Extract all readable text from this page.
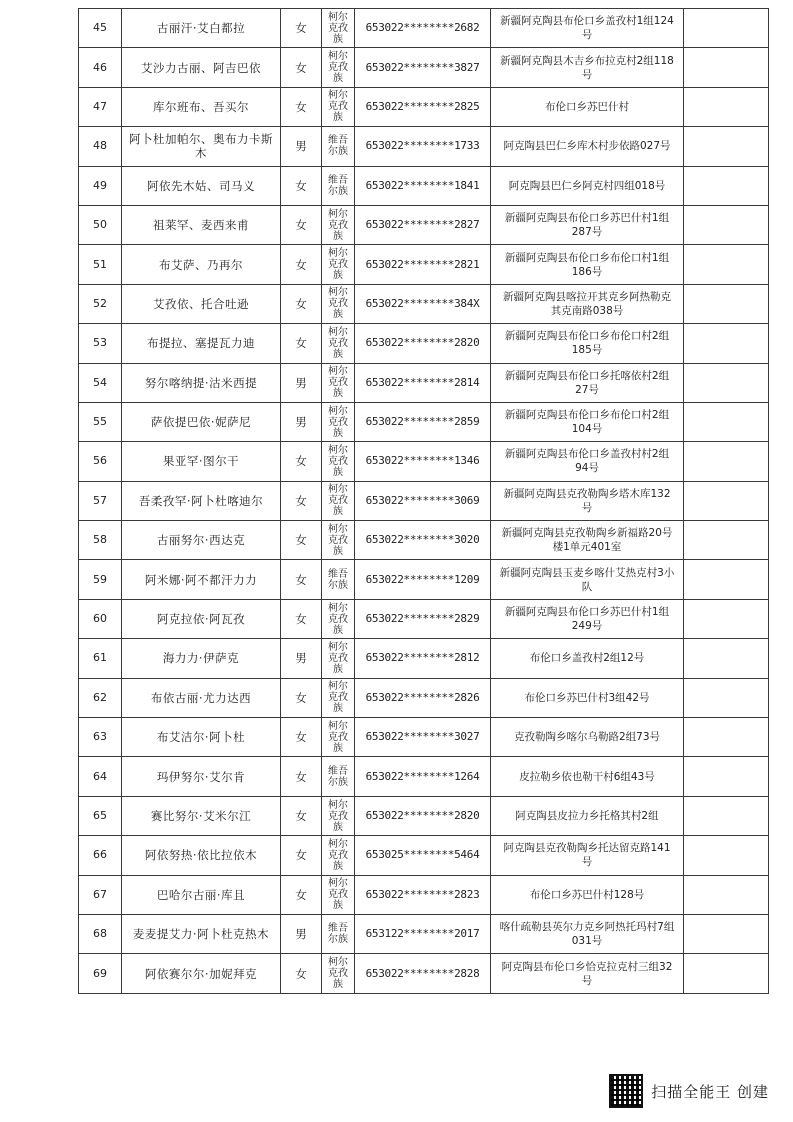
45	古丽汗·艾白都拉	女	柯尔克孜族	653022********2682	新疆阿克陶县布伦口乡盖孜村1组124号	
46	艾沙力古丽、阿吉巴依	女	柯尔克孜族	653022********3827	新疆阿克陶县木吉乡布拉克村2组118号	
47	库尔班布、吾买尔	女	柯尔克孜族	653022********2825	布伦口乡苏巴什村	
48	阿卜杜加帕尔、奥布力卡斯木	男	维吾尔族	653022********1733	阿克陶县巴仁乡库木村步依路027号	
49	阿依先木姑、司马义	女	维吾尔族	653022********1841	阿克陶县巴仁乡阿克村四组018号	
50	祖莱罕、麦西来甫	女	柯尔克孜族	653022********2827	新疆阿克陶县布伦口乡苏巴什村1组287号	
51	布艾萨、乃再尔	女	柯尔克孜族	653022********2821	新疆阿克陶县布伦口乡布伦口村1组186号	
52	艾孜依、托合吐逊	女	柯尔克孜族	653022********384X	新疆阿克陶县喀拉开其克乡阿热勒克其克南路038号	
53	布提拉、塞提瓦力迪	女	柯尔克孜族	653022********2820	新疆阿克陶县布伦口乡布伦口村2组185号	
54	努尔喀纳提·沽米西提	男	柯尔克孜族	653022********2814	新疆阿克陶县布伦口乡托喀依村2组27号	
55	萨依提巴依·妮萨尼	男	柯尔克孜族	653022********2859	新疆阿克陶县布伦口乡布伦口村2组104号	
56	果亚罕·图尔干	女	柯尔克孜族	653022********1346	新疆阿克陶县布伦口乡盖孜村村2组94号	
57	吾柔孜罕·阿卜杜喀迪尔	女	柯尔克孜族	653022********3069	新疆阿克陶县克孜勒陶乡塔木库132号	
58	古丽努尔·西达克	女	柯尔克孜族	653022********3020	新疆阿克陶县克孜勒陶乡新福路20号楼1单元401室	
59	阿米娜·阿不都汗力力	女	维吾尔族	653022********1209	新疆阿克陶县玉麦乡喀什艾热克村3小队	
60	阿克拉依·阿瓦孜	女	柯尔克孜族	653022********2829	新疆阿克陶县布伦口乡苏巴什村1组249号	
61	海力力·伊萨克	男	柯尔克孜族	653022********2812	布伦口乡盖孜村2组12号	
62	布依古丽·尤力达西	女	柯尔克孜族	653022********2826	布伦口乡苏巴什村3组42号	
63	布艾洁尔·阿卜杜	女	柯尔克孜族	653022********3027	克孜勒陶乡喀尔乌勒路2组73号	
64	玛伊努尔·艾尔肯	女	维吾尔族	653022********1264	皮拉勒乡依也勒干村6组43号	
65	赛比努尔·艾米尔江	女	柯尔克孜族	653022********2820	阿克陶县皮拉力乡托格其村2组	
66	阿依努热·依比拉依木	女	柯尔克孜族	653025********5464	阿克陶县克孜勒陶乡托达留克路141号	
67	巴哈尔古丽·库且	女	柯尔克孜族	653022********2823	布伦口乡苏巴什村128号	
68	麦麦提艾力·阿卜杜克热木	男	维吾尔族	653122********2017	喀什疏勒县英尔力克乡阿热托玛村7组031号	
69	阿依赛尔尔·加妮拜克	女	柯尔克孜族	653022********2828	阿克陶县布伦口乡恰克拉克村三组32号	
扫描全能王 创建
